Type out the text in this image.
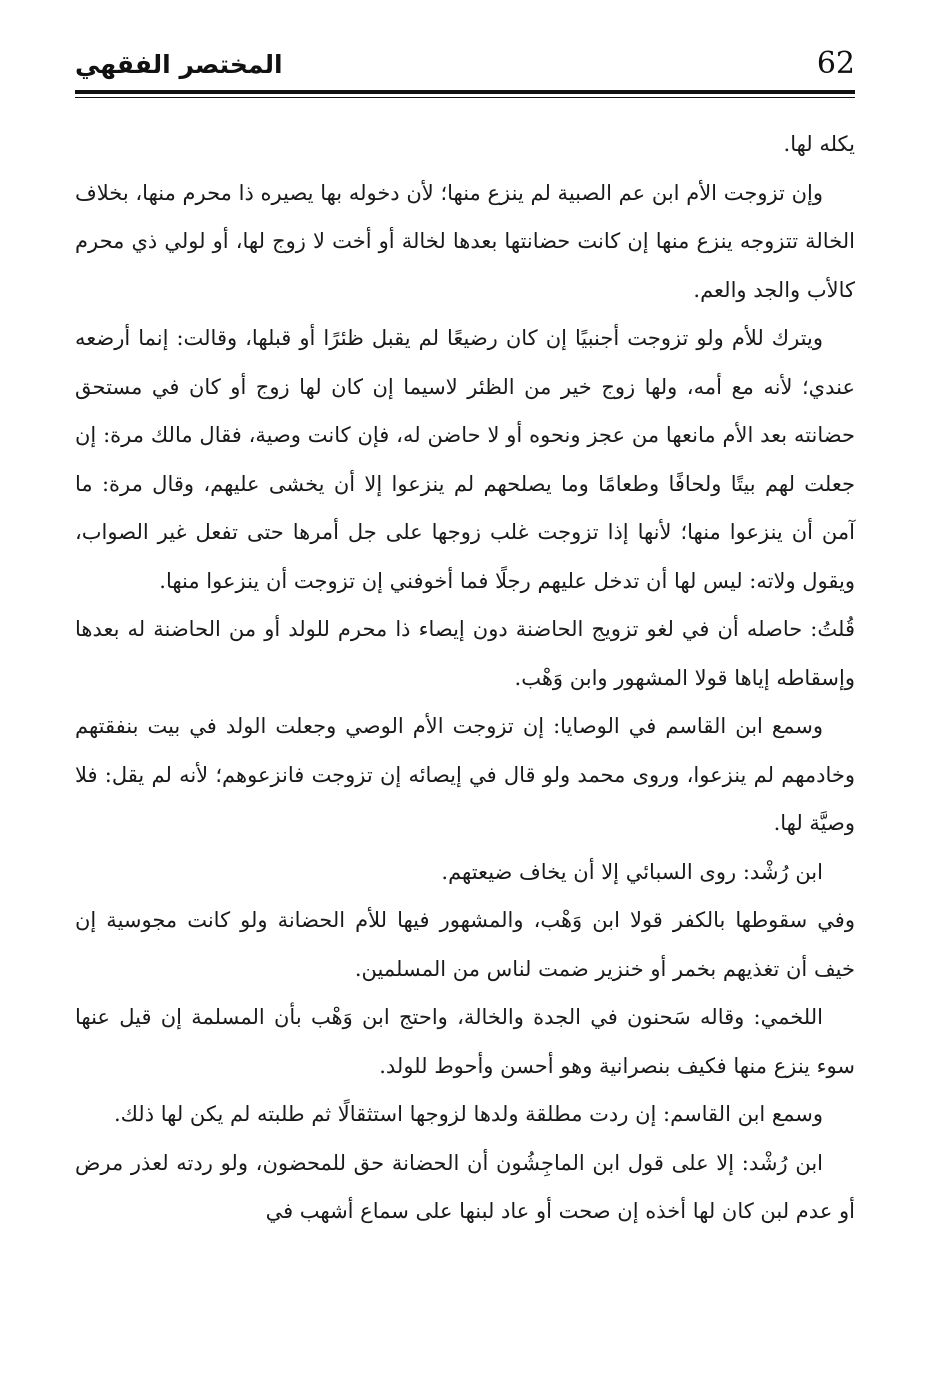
62
المختصر الفقهي

يكله لها.

وإن تزوجت الأم ابن عم الصبية لم ينزع منها؛ لأن دخوله بها يصيره ذا محرم منها، بخلاف الخالة تتزوجه ينزع منها إن كانت حضانتها بعدها لخالة أو أخت لا زوج لها، أو لولي ذي محرم كالأب والجد والعم.

ويترك للأم ولو تزوجت أجنبيًا إن كان رضيعًا لم يقبل ظئرًا أو قبلها، وقالت: إنما أرضعه عندي؛ لأنه مع أمه، ولها زوج خير من الظئر لاسيما إن كان لها زوج أو كان في مستحق حضانته بعد الأم مانعها من عجز ونحوه أو لا حاضن له، فإن كانت وصية، فقال مالك مرة: إن جعلت لهم بيتًا ولحافًا وطعامًا وما يصلحهم لم ينزعوا إلا أن يخشى عليهم، وقال مرة: ما آمن أن ينزعوا منها؛ لأنها إذا تزوجت غلب زوجها على جل أمرها حتى تفعل غير الصواب، ويقول ولاته: ليس لها أن تدخل عليهم رجلًا فما أخوفني إن تزوجت أن ينزعوا منها.

قُلتُ: حاصله أن في لغو تزويج الحاضنة دون إيصاء ذا محرم للولد أو من الحاضنة له بعدها وإسقاطه إياها قولا المشهور وابن وَهْب.

وسمع ابن القاسم في الوصايا: إن تزوجت الأم الوصي وجعلت الولد في بيت بنفقتهم وخادمهم لم ينزعوا، وروى محمد ولو قال في إيصائه إن تزوجت فانزعوهم؛ لأنه لم يقل: فلا وصيَّة لها.

ابن رُشْد: روى السبائي إلا أن يخاف ضيعتهم.

وفي سقوطها بالكفر قولا ابن وَهْب، والمشهور فيها للأم الحضانة ولو كانت مجوسية إن خيف أن تغذيهم بخمر أو خنزير ضمت لناس من المسلمين.

اللخمي: وقاله سَحنون في الجدة والخالة، واحتج ابن وَهْب بأن المسلمة إن قيل عنها سوء ينزع منها فكيف بنصرانية وهو أحسن وأحوط للولد.

وسمع ابن القاسم: إن ردت مطلقة ولدها لزوجها استثقالًا ثم طلبته لم يكن لها ذلك.

ابن رُشْد: إلا على قول ابن الماجِشُون أن الحضانة حق للمحضون، ولو ردته لعذر مرض أو عدم لبن كان لها أخذه إن صحت أو عاد لبنها على سماع أشهب في
